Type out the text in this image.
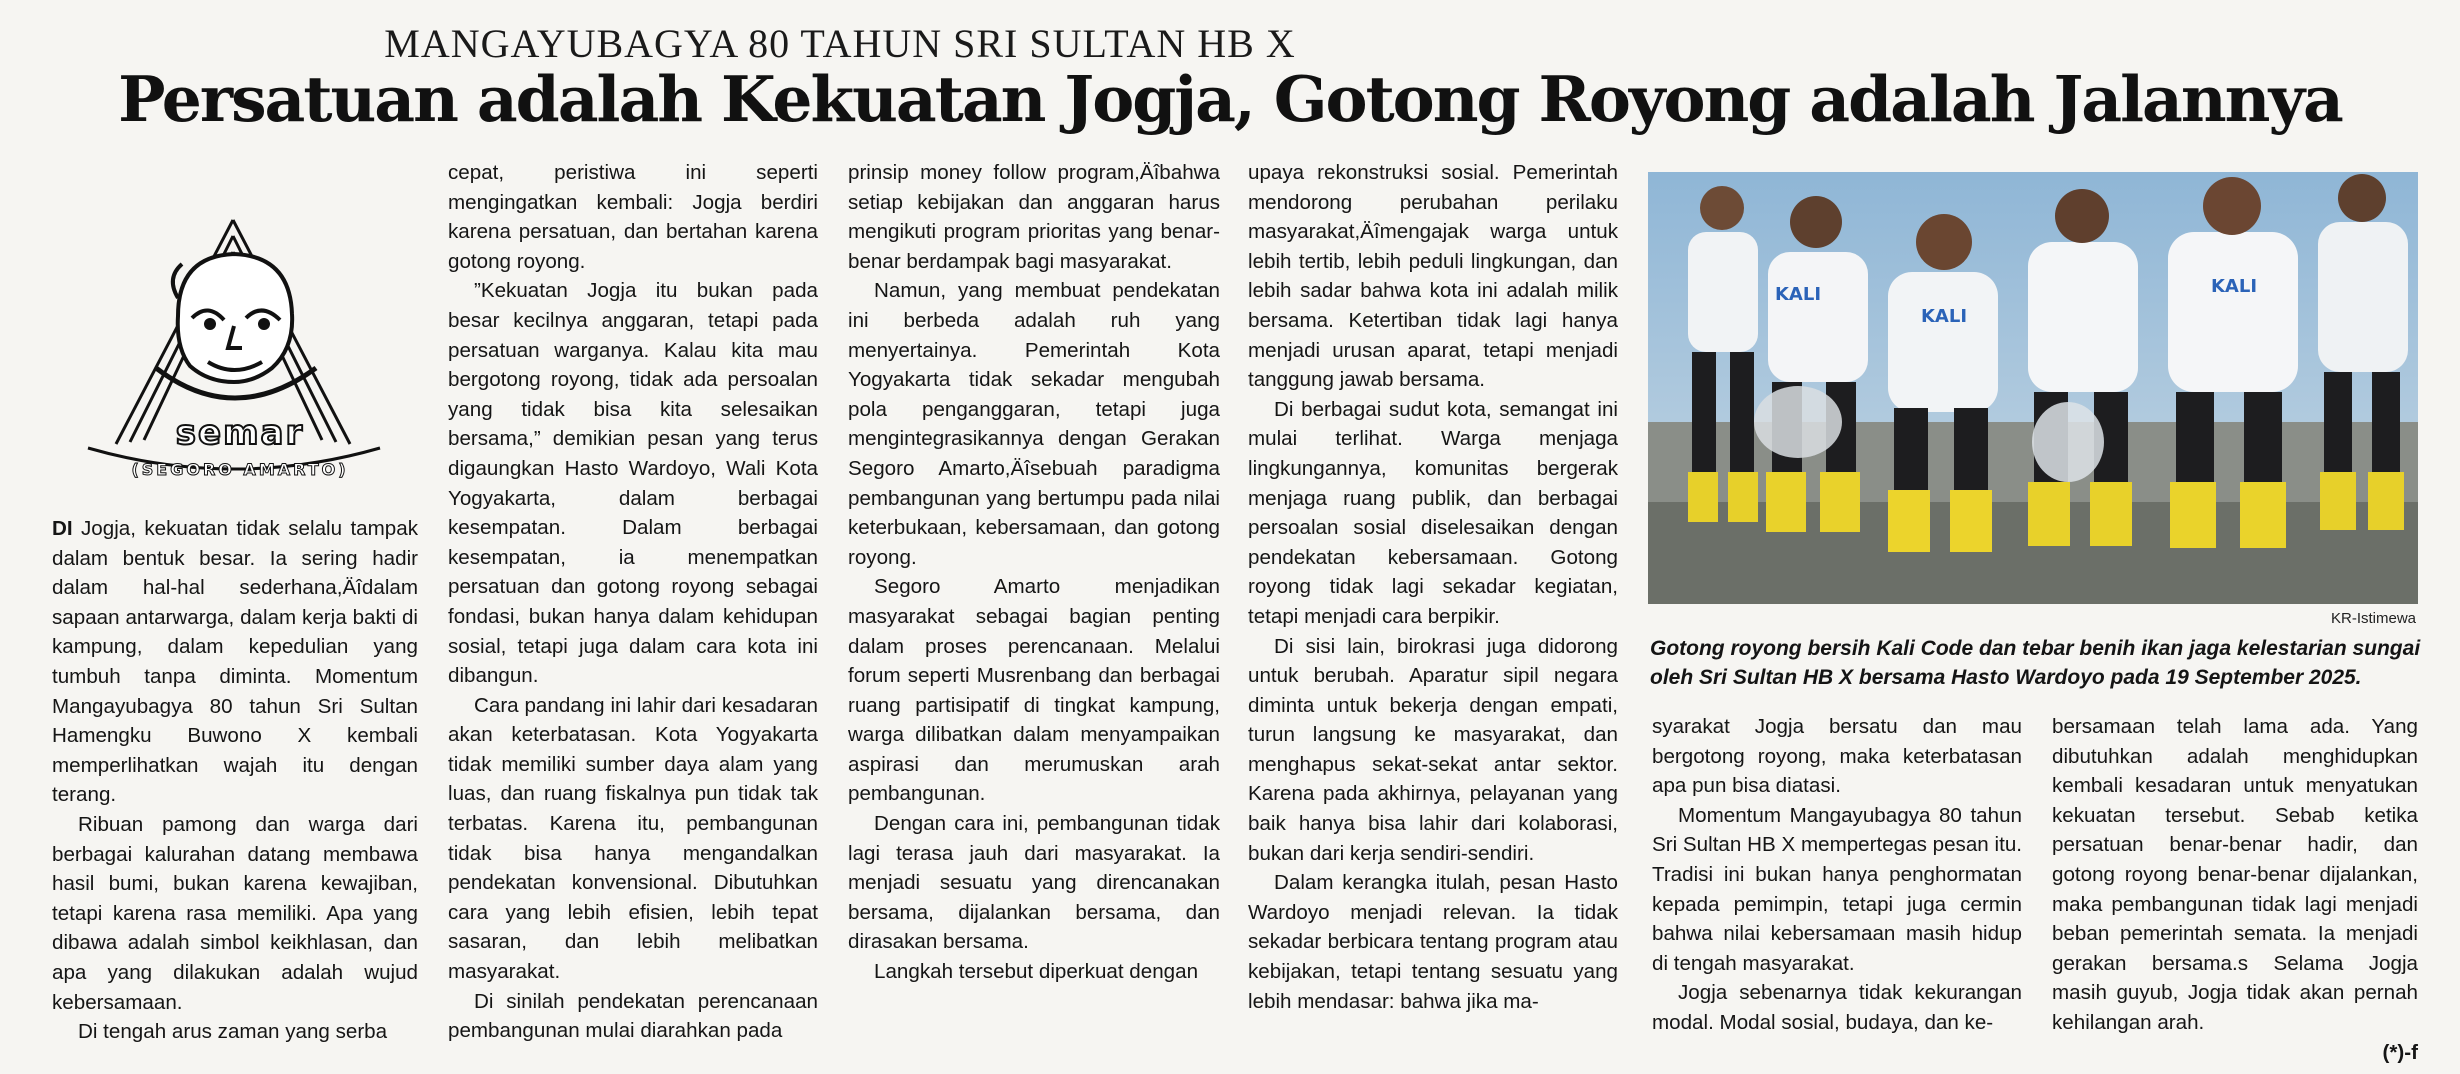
MANGAYUBAGYA 80 TAHUN SRI SULTAN HB X
Persatuan adalah Kekuatan Jogja, Gotong Royong adalah Jalannya
semar
(SEGORO AMARTO)

DI Jogja, kekuatan tidak selalu tampak dalam bentuk besar. Ia sering hadir dalam hal-hal sederhana,Äîdalam sapaan antarwarga, dalam kerja bakti di kampung, dalam kepedulian yang tumbuh tanpa diminta. Momentum Mangayubagya 80 tahun Sri Sultan Hamengku Buwono X kembali memperlihatkan wajah itu dengan terang.

Ribuan pamong dan warga dari berbagai kalurahan datang membawa hasil bumi, bukan karena kewajiban, tetapi karena rasa memiliki. Apa yang dibawa adalah simbol keikhlasan, dan apa yang dilakukan adalah wujud kebersamaan.

Di tengah arus zaman yang serba

cepat, peristiwa ini seperti mengingatkan kembali: Jogja berdiri karena persatuan, dan bertahan karena gotong royong.

”Kekuatan Jogja itu bukan pada besar kecilnya anggaran, tetapi pada persatuan warganya. Kalau kita mau bergotong royong, tidak ada persoalan yang tidak bisa kita selesaikan bersama,” demikian pesan yang terus digaungkan Hasto Wardoyo, Wali Kota Yogyakarta, dalam berbagai kesempatan. Dalam berbagai kesempatan, ia menempatkan persatuan dan gotong royong sebagai fondasi, bukan hanya dalam kehidupan sosial, tetapi juga dalam cara kota ini dibangun.

Cara pandang ini lahir dari kesadaran akan keterbatasan. Kota Yogyakarta tidak memiliki sumber daya alam yang luas, dan ruang fiskalnya pun tidak tak terbatas. Karena itu, pembangunan tidak bisa hanya mengandalkan pendekatan konvensional. Dibutuhkan cara yang lebih efisien, lebih tepat sasaran, dan lebih melibatkan masyarakat.

Di sinilah pendekatan perencanaan pembangunan mulai diarahkan pada

prinsip money follow program,Äîbahwa setiap kebijakan dan anggaran harus mengikuti program prioritas yang benar-benar berdampak bagi masyarakat.

Namun, yang membuat pendekatan ini berbeda adalah ruh yang menyertainya. Pemerintah Kota Yogyakarta tidak sekadar mengubah pola penganggaran, tetapi juga mengintegrasikannya dengan Gerakan Segoro Amarto,Äîsebuah paradigma pembangunan yang bertumpu pada nilai keterbukaan, kebersamaan, dan gotong royong.

Segoro Amarto menjadikan masyarakat sebagai bagian penting dalam proses perencanaan. Melalui forum seperti Musrenbang dan berbagai ruang partisipatif di tingkat kampung, warga dilibatkan dalam menyampaikan aspirasi dan merumuskan arah pembangunan.

Dengan cara ini, pembangunan tidak lagi terasa jauh dari masyarakat. Ia menjadi sesuatu yang direncanakan bersama, dijalankan bersama, dan dirasakan bersama.

Langkah tersebut diperkuat dengan

upaya rekonstruksi sosial. Pemerintah mendorong perubahan perilaku masyarakat,Äîmengajak warga untuk lebih tertib, lebih peduli lingkungan, dan lebih sadar bahwa kota ini adalah milik bersama. Ketertiban tidak lagi hanya menjadi urusan aparat, tetapi menjadi tanggung jawab bersama.

Di berbagai sudut kota, semangat ini mulai terlihat. Warga menjaga lingkungannya, komunitas bergerak menjaga ruang publik, dan berbagai persoalan sosial diselesaikan dengan pendekatan kebersamaan. Gotong royong tidak lagi sekadar kegiatan, tetapi menjadi cara berpikir.

Di sisi lain, birokrasi juga didorong untuk berubah. Aparatur sipil negara diminta untuk bekerja dengan empati, turun langsung ke masyarakat, dan menghapus sekat-sekat antar sektor. Karena pada akhirnya, pelayanan yang baik hanya bisa lahir dari kolaborasi, bukan dari kerja sendiri-sendiri.

Dalam kerangka itulah, pesan Hasto Wardoyo menjadi relevan. Ia tidak sekadar berbicara tentang program atau kebijakan, tetapi tentang sesuatu yang lebih mendasar: bahwa jika ma-

KALI
KALI
KALI
KR-Istimewa
Gotong royong bersih Kali Code dan tebar benih ikan jaga kelestarian sungai oleh Sri Sultan HB X bersama Hasto Wardoyo pada 19 September 2025.

syarakat Jogja bersatu dan mau bergotong royong, maka keterbatasan apa pun bisa diatasi.

Momentum Mangayubagya 80 tahun Sri Sultan HB X mempertegas pesan itu. Tradisi ini bukan hanya penghormatan kepada pemimpin, tetapi juga cermin bahwa nilai kebersamaan masih hidup di tengah masyarakat.

Jogja sebenarnya tidak kekurangan modal. Modal sosial, budaya, dan ke-

bersamaan telah lama ada. Yang dibutuhkan adalah menghidupkan kembali kesadaran untuk menyatukan kekuatan tersebut. Sebab ketika persatuan benar-benar hadir, dan gotong royong benar-benar dijalankan, maka pembangunan tidak lagi menjadi beban pemerintah semata. Ia menjadi gerakan bersama.s Selama Jogja masih guyub, Jogja tidak akan pernah kehilangan arah.

(*)-f
